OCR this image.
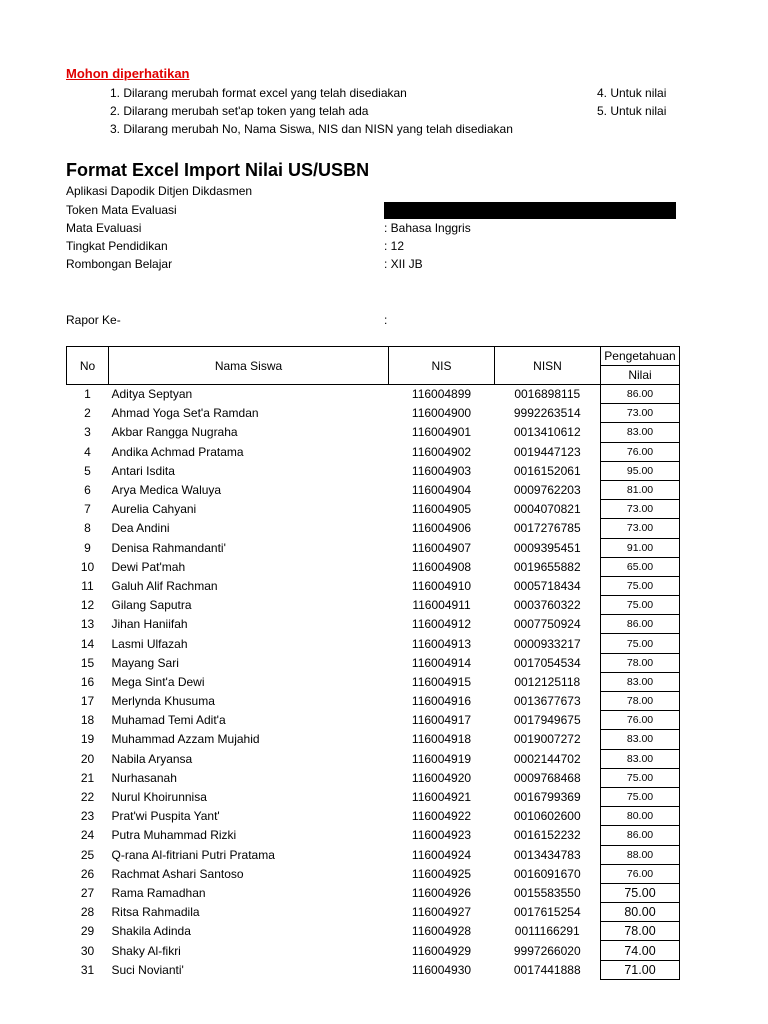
Mohon diperhatikan
1. Dilarang merubah format excel yang telah disediakan
2. Dilarang merubah set'ap token yang telah ada
3. Dilarang merubah No, Nama Siswa, NIS dan NISN yang telah disediakan
4. Untuk nilai
5. Untuk nilai
Format Excel Import Nilai US/USBN
Aplikasi Dapodik Ditjen Dikdasmen
Token Mata Evaluasi
Mata Evaluasi	: Bahasa Inggris
Tingkat Pendidikan	: 12
Rombongan Belajar	: XII JB
Rapor Ke-	:
No	Nama Siswa	NIS	NISN	Pengetahuan
				Nilai
1	Aditya Septyan	116004899	0016898115	86.00
2	Ahmad Yoga Set'a Ramdan	116004900	9992263514	73.00
3	Akbar Rangga Nugraha	116004901	0013410612	83.00
4	Andika Achmad Pratama	116004902	0019447123	76.00
5	Antari Isdita	116004903	0016152061	95.00
6	Arya Medica Waluya	116004904	0009762203	81.00
7	Aurelia Cahyani	116004905	0004070821	73.00
8	Dea Andini	116004906	0017276785	73.00
9	Denisa Rahmandanti'	116004907	0009395451	91.00
10	Dewi Pat'mah	116004908	0019655882	65.00
11	Galuh Alif Rachman	116004910	0005718434	75.00
12	Gilang Saputra	116004911	0003760322	75.00
13	Jihan Haniifah	116004912	0007750924	86.00
14	Lasmi Ulfazah	116004913	0000933217	75.00
15	Mayang Sari	116004914	0017054534	78.00
16	Mega Sint'a Dewi	116004915	0012125118	83.00
17	Merlynda Khusuma	116004916	0013677673	78.00
18	Muhamad Temi Adit'a	116004917	0017949675	76.00
19	Muhammad Azzam Mujahid	116004918	0019007272	83.00
20	Nabila Aryansa	116004919	0002144702	83.00
21	Nurhasanah	116004920	0009768468	75.00
22	Nurul Khoirunnisa	116004921	0016799369	75.00
23	Prat'wi Puspita Yant'	116004922	0010602600	80.00
24	Putra Muhammad Rizki	116004923	0016152232	86.00
25	Q-rana Al-fitriani Putri Pratama	116004924	0013434783	88.00
26	Rachmat Ashari Santoso	116004925	0016091670	76.00
27	Rama Ramadhan	116004926	0015583550	75.00
28	Ritsa Rahmadila	116004927	0017615254	80.00
29	Shakila Adinda	116004928	0011166291	78.00
30	Shaky Al-fikri	116004929	9997266020	74.00
31	Suci Novianti'	116004930	0017441888	71.00
